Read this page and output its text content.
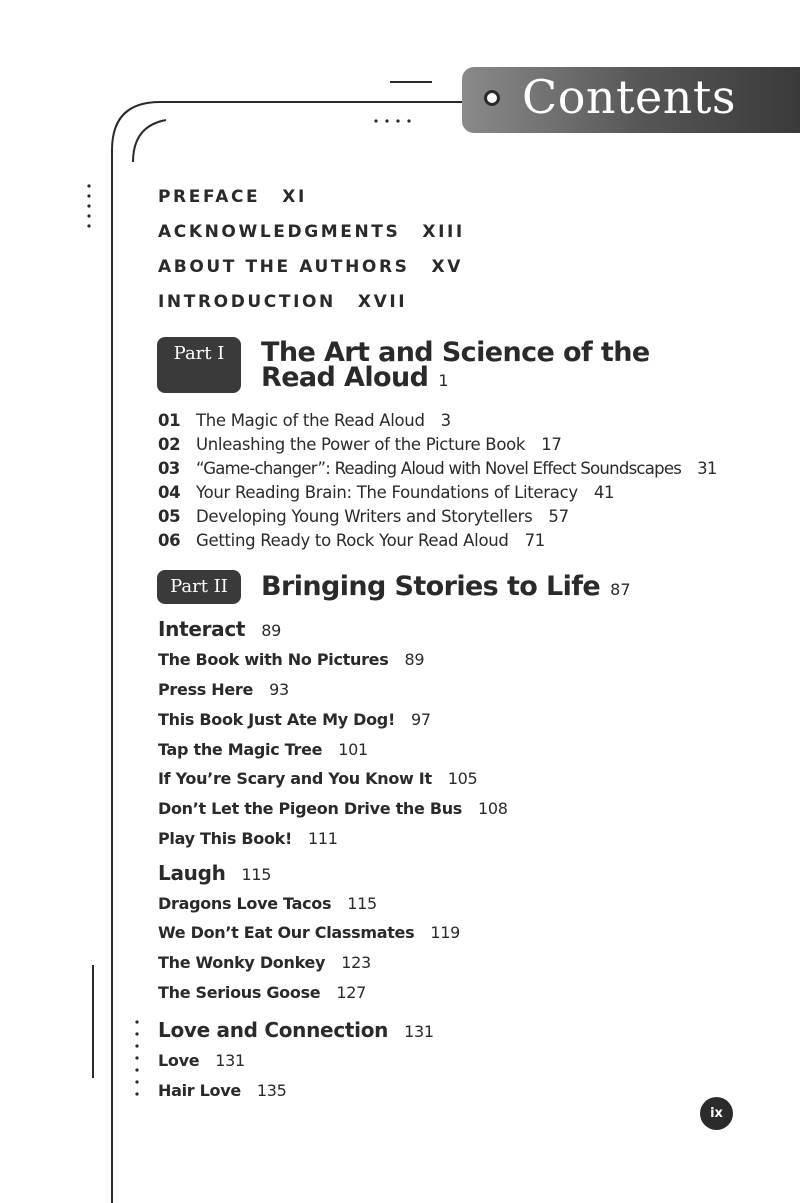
Contents
PREFACE XI
ACKNOWLEDGMENTS XIII
ABOUT THE AUTHORS XV
INTRODUCTION XVII
Part I	The Art and Science of the
Read Aloud 1
01 The Magic of the Read Aloud 3
02 Unleashing the Power of the Picture Book 17
03 “Game-changer”: Reading Aloud with Novel Effect Soundscapes 31
04 Your Reading Brain: The Foundations of Literacy 41
05 Developing Young Writers and Storytellers 57
06 Getting Ready to Rock Your Read Aloud 71
Part II	Bringing Stories to Life 87
Interact 89
The Book with No Pictures 89
Press Here 93
This Book Just Ate My Dog! 97
Tap the Magic Tree 101
If You’re Scary and You Know It 105
Don’t Let the Pigeon Drive the Bus 108
Play This Book! 111
Laugh 115
Dragons Love Tacos 115
We Don’t Eat Our Classmates 119
The Wonky Donkey 123
The Serious Goose 127
Love and Connection 131
Love 131
Hair Love 135
ix
